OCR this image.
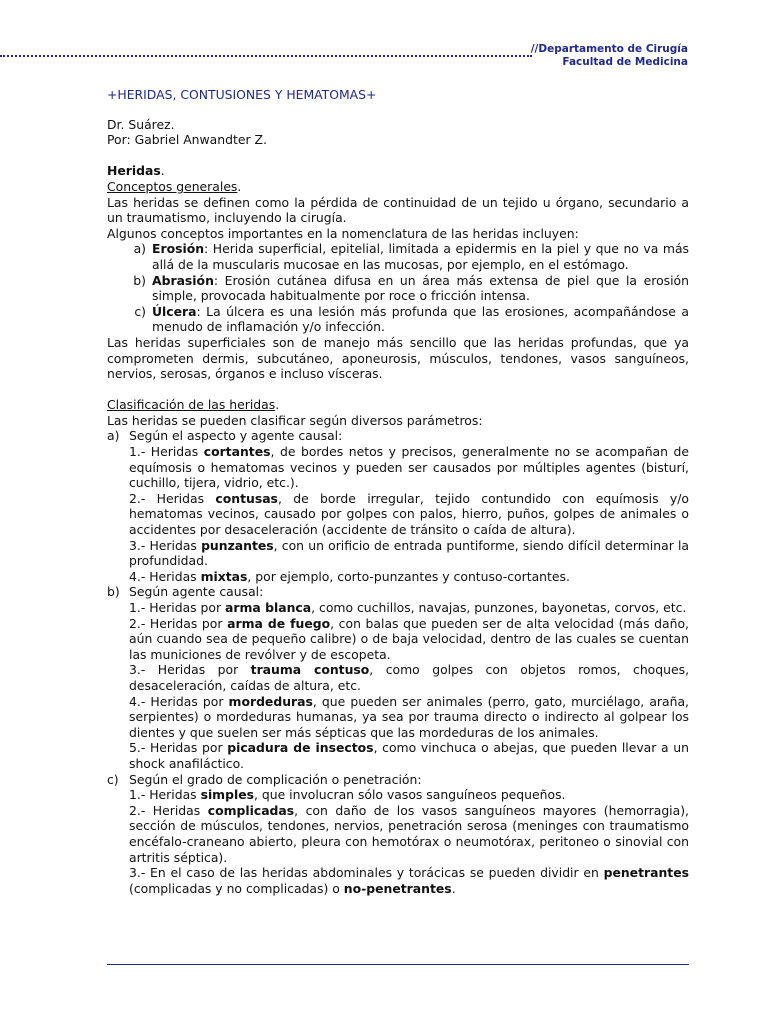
//Departamento de Cirugía
Facultad de Medicina
+HERIDAS, CONTUSIONES Y HEMATOMAS+

Dr. Suárez.

Por: Gabriel Anwandter Z.

Heridas.

Conceptos generales.

Las heridas se definen como la pérdida de continuidad de un tejido u órgano, secundario a un traumatismo, incluyendo la cirugía.

Algunos conceptos importantes en la nomenclatura de las heridas incluyen:

a) Erosión: Herida superficial, epitelial, limitada a epidermis en la piel y que no va más allá de la muscularis mucosae en las mucosas, por ejemplo, en el estómago.
b) Abrasión: Erosión cutánea difusa en un área más extensa de piel que la erosión simple, provocada habitualmente por roce o fricción intensa.
c) Úlcera: La úlcera es una lesión más profunda que las erosiones, acompañándose a menudo de inflamación y/o infección.

Las heridas superficiales son de manejo más sencillo que las heridas profundas, que ya comprometen dermis, subcutáneo, aponeurosis, músculos, tendones, vasos sanguíneos, nervios, serosas, órganos e incluso vísceras.

Clasificación de las heridas.

Las heridas se pueden clasificar según diversos parámetros:

a) Según el aspecto y agente causal:

1.- Heridas cortantes, de bordes netos y precisos, generalmente no se acompañan de equímosis o hematomas vecinos y pueden ser causados por múltiples agentes (bisturí, cuchillo, tijera, vidrio, etc.).

2.- Heridas contusas, de borde irregular, tejido contundido con equímosis y/o hematomas vecinos, causado por golpes con palos, hierro, puños, golpes de animales o accidentes por desaceleración (accidente de tránsito o caída de altura).

3.- Heridas punzantes, con un orificio de entrada puntiforme, siendo difícil determinar la profundidad.

4.- Heridas mixtas, por ejemplo, corto-punzantes y contuso-cortantes.

b) Según agente causal:

1.- Heridas por arma blanca, como cuchillos, navajas, punzones, bayonetas, corvos, etc.

2.- Heridas por arma de fuego, con balas que pueden ser de alta velocidad (más daño, aún cuando sea de pequeño calibre) o de baja velocidad, dentro de las cuales se cuentan las municiones de revólver y de escopeta.

3.- Heridas por trauma contuso, como golpes con objetos romos, choques, desaceleración, caídas de altura, etc.

4.- Heridas por mordeduras, que pueden ser animales (perro, gato, murciélago, araña, serpientes) o mordeduras humanas, ya sea por trauma directo o indirecto al golpear los dientes y que suelen ser más sépticas que las mordeduras de los animales.

5.- Heridas por picadura de insectos, como vinchuca o abejas, que pueden llevar a un shock anafiláctico.

c) Según el grado de complicación o penetración:

1.- Heridas simples, que involucran sólo vasos sanguíneos pequeños.

2.- Heridas complicadas, con daño de los vasos sanguíneos mayores (hemorragia), sección de músculos, tendones, nervios, penetración serosa (meninges con traumatismo encéfalo-craneano abierto, pleura con hemotórax o neumotórax, peritoneo o sinovial con artritis séptica).

3.- En el caso de las heridas abdominales y torácicas se pueden dividir en penetrantes (complicadas y no complicadas) o no-penetrantes.
